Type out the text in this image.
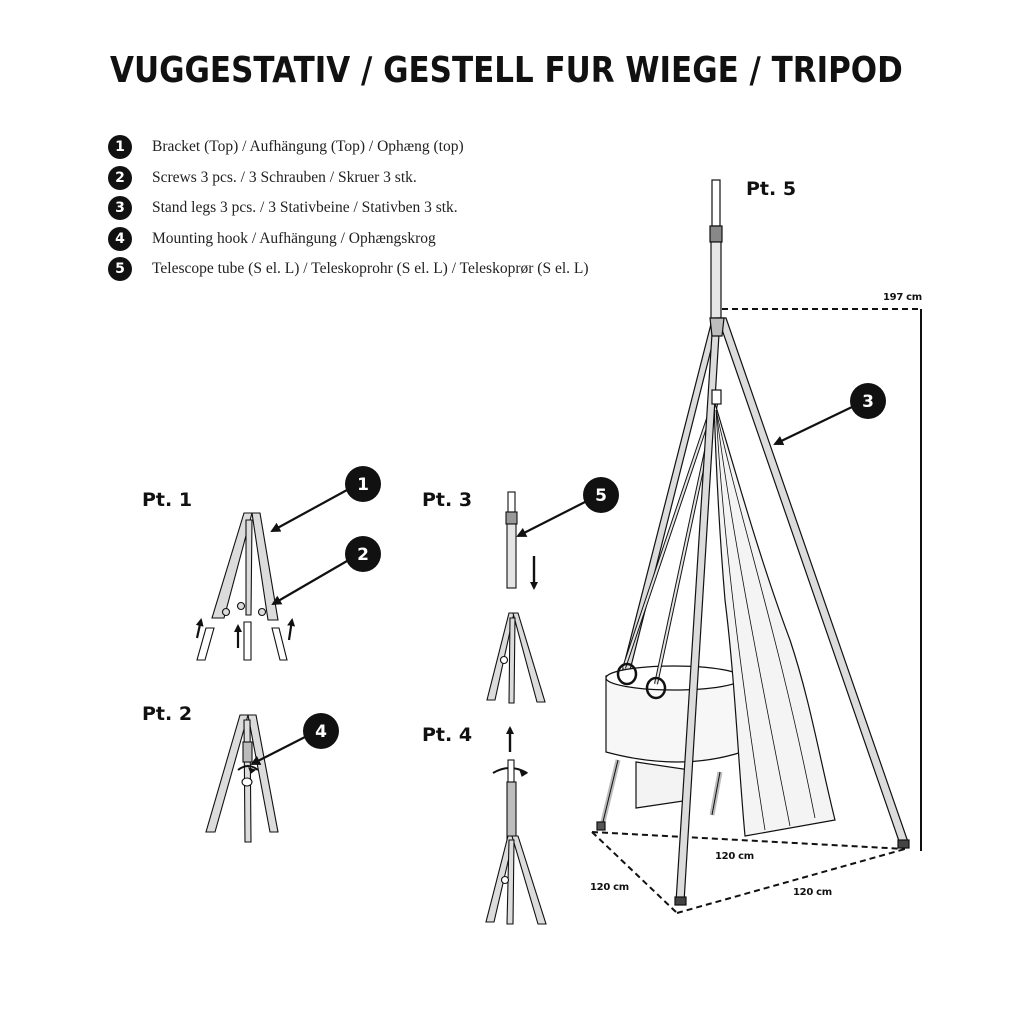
VUGGESTATIV / GESTELL FUR WIEGE / TRIPOD
1	Bracket (Top) / Aufhängung (Top) / Ophæng (top)
2	Screws 3 pcs. / 3 Schrauben / Skruer 3 stk.
3	Stand legs 3 pcs. / 3 Stativbeine / Stativben 3 stk.
4	Mounting hook / Aufhängung / Ophængskrog
5	Telescope tube (S el. L) / Teleskoprohr (S el. L) / Teleskoprør (S el. L)
Pt. 1
Pt. 2
Pt. 3
Pt. 4
Pt. 5
197 cm
120 cm
120 cm	120 cm
1
2
4
5
3
